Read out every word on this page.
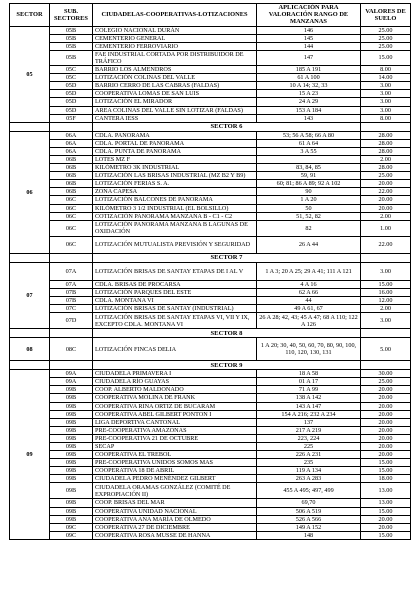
SECTOR	SUB. SECTORES	CIUDADELAS-COOPERATIVAS-LOTIZACIONES	APLICACIÓN PARA VALORACIÓN RANGO DE MANZANAS	VALORES DE SUELO
05	05B	COLEGIO NACIONAL DURÁN	146	25.00
	05B	CEMENTERIO GENERAL	145	25.00
	05B	CEMENTERIO FERROVIARIO	144	25.00
	05B	FAE INDUSTRIAL CORTADA POR DISTRIBUIDOR DE TRÁFICO	147	15.00
	05C	BARRIO LOS ALMENDROS	185 A 191	8.00
	05C	LOTIZACIÓN COLINAS DEL VALLE	61 A 100	14.00
	05D	BARRIO CERRO DE LAS CABRAS (FALDAS)	10 A 14; 32, 33	3.00
	05D	COOPERATIVA LOMAS DE SAN LUIS	15 A 23	3.00
	05D	LOTIZACIÓN EL MIRADOR	24 A 29	3.00
	05D	AREA COLINAS DEL VALLE SIN LOTIZAR (FALDAS)	153 A 184	3.00
	05F	CANTERA IESS	143	8.00
		SECTOR 6		
06	06A	CDLA. PANORAMA	53; 56 A 58; 66 A 80	28.00
	06A	CDLA. PORTAL DE PANORAMA	61 A 64	28.00
	06A	CDLA. PUNTA DE PANORAMA	3 A 55	28.00
	06B	LOTES MZ F		2.00
	06B	KILÓMETRO 3K INDUSTRIAL	83, 84, 85	28.00
	06B	LOTIZACIÓN LAS BRISAS INDUSTRIAL (MZ B2 Y B9)	59, 91	25.00
	06B	LOTIZACIÓN FERIAS S. A.	60; 81; 86 A 89; 92 A 102	20.00
	06B	ZONA CAPESA	90	22.00
	06C	LOTIZACIÓN BALCONES DE PANORAMA	1 A 20	20.00
	06C	KILÓMETRO 3 1/2 INDUSTRIAL (EL BOLSILLO)	50	20.00
	06C	COTIZACIÓN PANORAMA MANZANA B - C1 - C2	51, 52, 82	2.00
	06C	LOTIZACIÓN PANORAMA MANZANA B LAGUNAS DE OXIDACIÓN	82	1.00
	06C	LOTIZACIÓN MUTUALISTA PREVISIÓN Y SEGURIDAD	26 A 44	22.00
		SECTOR 7		
07	07A	LOTIZACIÓN BRISAS DE SANTAY ETAPAS DE I AL V	1 A 3; 20 A 25; 29 A 41; 111 A 121	3.00
	07A	CDLA. BRISAS DE PROCARSA	4 A 16	15.00
	07B	LOTIZACIÓN PARQUES DEL ESTE	62 A 66	16.00
	07B	CDLA. MONTANA VI	44	12.00
	07C	LOTIZACIÓN BRISAS DE SANTAY (INDUSTRIAL)	49 A 61, 67	2.00
	07D	LOTIZACIÓN BRISAS DE SANTAY ETAPAS VI, VII Y IX, EXCEPTO CDLA. MONTANA VI	26 A 28; 42, 43; 45 A 47; 68 A 110; 122 A 126	3.00
		SECTOR 8		
08	08C	LOTIZACIÓN FINCAS DELIA	1 A 20; 30, 40, 50, 60, 70, 80, 90, 100, 110, 120, 130, 131	5.00
		SECTOR 9		
09	09A	CIUDADELA PRIMAVERA I	18 A 58	30.00
	09A	CIUDADELA RÍO GUAYAS	01 A 17	25.00
	09B	COOP. ALBERTO MALDONADO	71 A 99	20.00
	09B	COOPERATIVA MOLINA DE FRANK	138 A 142	20.00
	09B	COOPERATIVA RINA ORTIZ DE BUCARAM	143 A 147	20.00
	09B	COOPERATIVA ABEL GILBERT PONTON I	154 A 216; 232 A 234	20.00
	09B	LIGA DEPORTIVA CANTONAL	137	20.00
	09B	PRE-COOPERATIVA AMAZONAS	217 A 219	20.00
	09B	PRE-COOPERATIVA 21 DE OCTUBRE	223, 224	20.00
	09B	SECAP	225	20.00
	09B	COOPERATIVA EL TREBOL	226 A 231	20.00
	09B	PRE-COOPERATIVA UNIDOS SOMOS MAS	235	15.00
	09B	COOPERATIVA 18 DE ABRIL	119 A 134	15.00
	09B	CIUDADELA PEDRO MENÉNDEZ GILBERT	263 A 283	18.00
	09B	CIUDADELA ORAMAS GONZÁLEZ (COMITÉ DE EXPROPIACIÓN II)	455 A 495; 497, 499	13.00
	09B	COOP. BRISAS DEL MAR	69,70	13.00
	09B	COOPERATIVA UNIDAD NACIONAL	506 A 519	15.00
	09B	COOPERATIVA ANA MARÍA DE OLMEDO	526 A 566	20.00
	09C	COOPERATIVA 27 DE DICIEMBRE	149 A 152	20.00
	09C	COOPERATIVA ROSA MUSSE DE HANNA	148	15.00
